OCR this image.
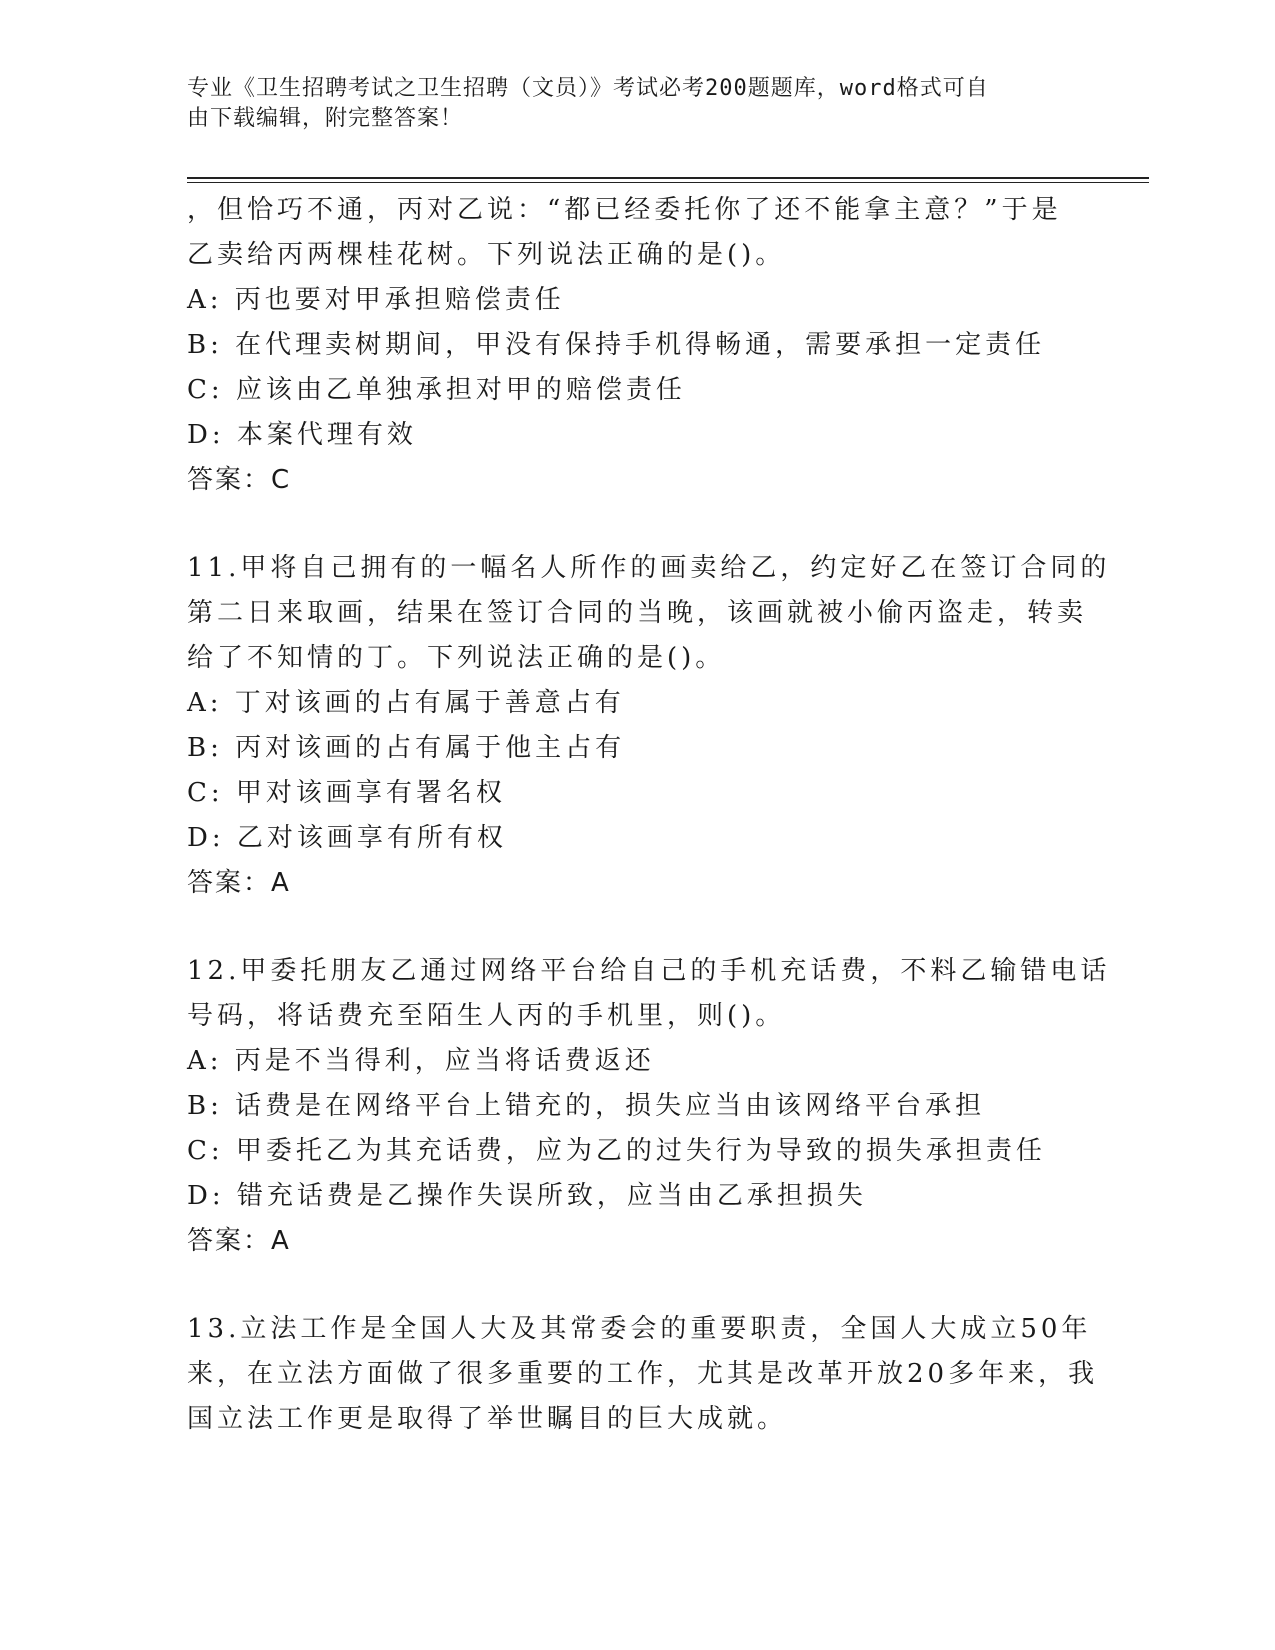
专业《卫生招聘考试之卫生招聘（文员）》考试必考200题题库，word格式可自
由下载编辑，附完整答案！
，但恰巧不通，丙对乙说：“都已经委托你了还不能拿主意？”于是
乙卖给丙两棵桂花树。下列说法正确的是()。
A: 丙也要对甲承担赔偿责任
B: 在代理卖树期间，甲没有保持手机得畅通，需要承担一定责任
C: 应该由乙单独承担对甲的赔偿责任
D: 本案代理有效
答案：C
11.甲将自己拥有的一幅名人所作的画卖给乙，约定好乙在签订合同的
第二日来取画，结果在签订合同的当晚，该画就被小偷丙盗走，转卖
给了不知情的丁。下列说法正确的是()。
A: 丁对该画的占有属于善意占有
B: 丙对该画的占有属于他主占有
C: 甲对该画享有署名权
D: 乙对该画享有所有权
答案：A
12.甲委托朋友乙通过网络平台给自己的手机充话费，不料乙输错电话
号码，将话费充至陌生人丙的手机里，则()。
A: 丙是不当得利，应当将话费返还
B: 话费是在网络平台上错充的，损失应当由该网络平台承担
C: 甲委托乙为其充话费，应为乙的过失行为导致的损失承担责任
D: 错充话费是乙操作失误所致，应当由乙承担损失
答案：A
13.立法工作是全国人大及其常委会的重要职责，全国人大成立50年
来，在立法方面做了很多重要的工作，尤其是改革开放20多年来，我
国立法工作更是取得了举世瞩目的巨大成就。
